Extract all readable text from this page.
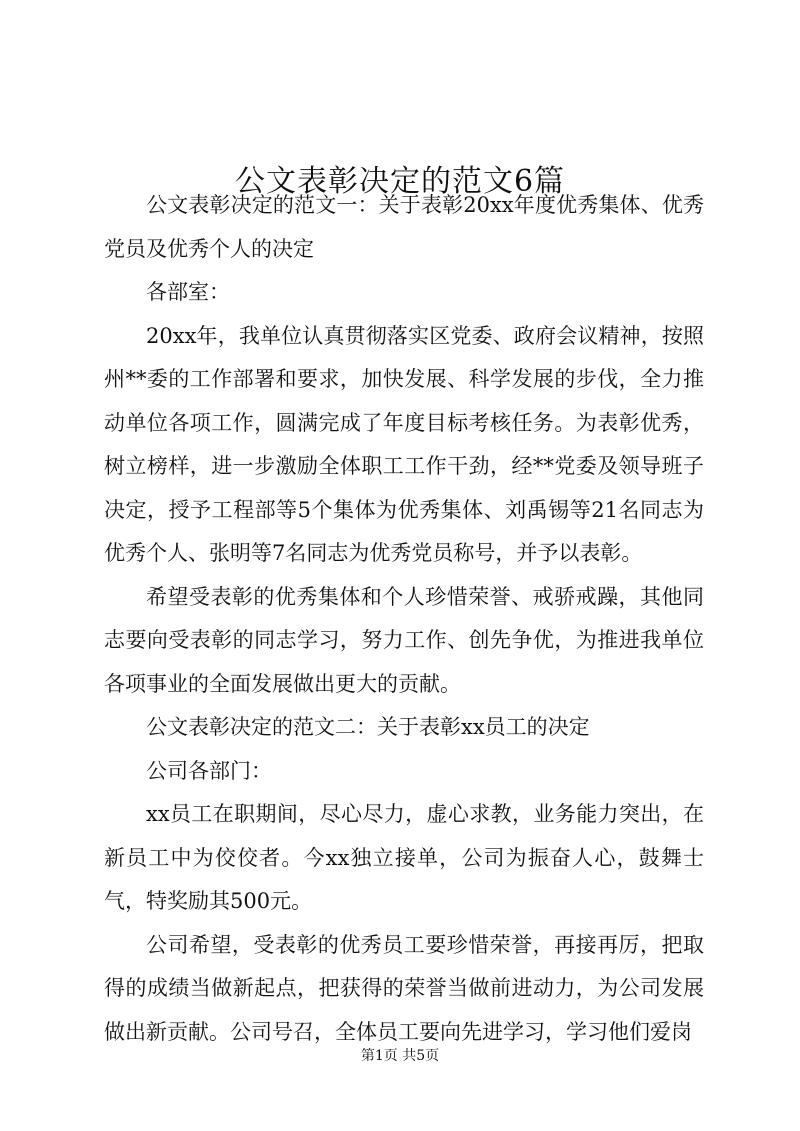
公文表彰决定的范文6篇

公文表彰决定的范文一：关于表彰20xx年度优秀集体、优秀党员及优秀个人的决定

各部室：

20xx年，我单位认真贯彻落实区党委、政府会议精神，按照州**委的工作部署和要求，加快发展、科学发展的步伐，全力推动单位各项工作，圆满完成了年度目标考核任务。为表彰优秀，树立榜样，进一步激励全体职工工作干劲，经**党委及领导班子决定，授予工程部等5个集体为优秀集体、刘禹锡等21名同志为优秀个人、张明等7名同志为优秀党员称号，并予以表彰。

希望受表彰的优秀集体和个人珍惜荣誉、戒骄戒躁，其他同志要向受表彰的同志学习，努力工作、创先争优，为推进我单位各项事业的全面发展做出更大的贡献。

公文表彰决定的范文二：关于表彰xx员工的决定

公司各部门：

xx员工在职期间，尽心尽力，虚心求教，业务能力突出，在新员工中为佼佼者。今xx独立接单，公司为振奋人心，鼓舞士气，特奖励其500元。

公司希望，受表彰的优秀员工要珍惜荣誉，再接再厉，把取得的成绩当做新起点，把获得的荣誉当做前进动力，为公司发展做出新贡献。公司号召，全体员工要向先进学习，学习他们爱岗

第1页 共5页
